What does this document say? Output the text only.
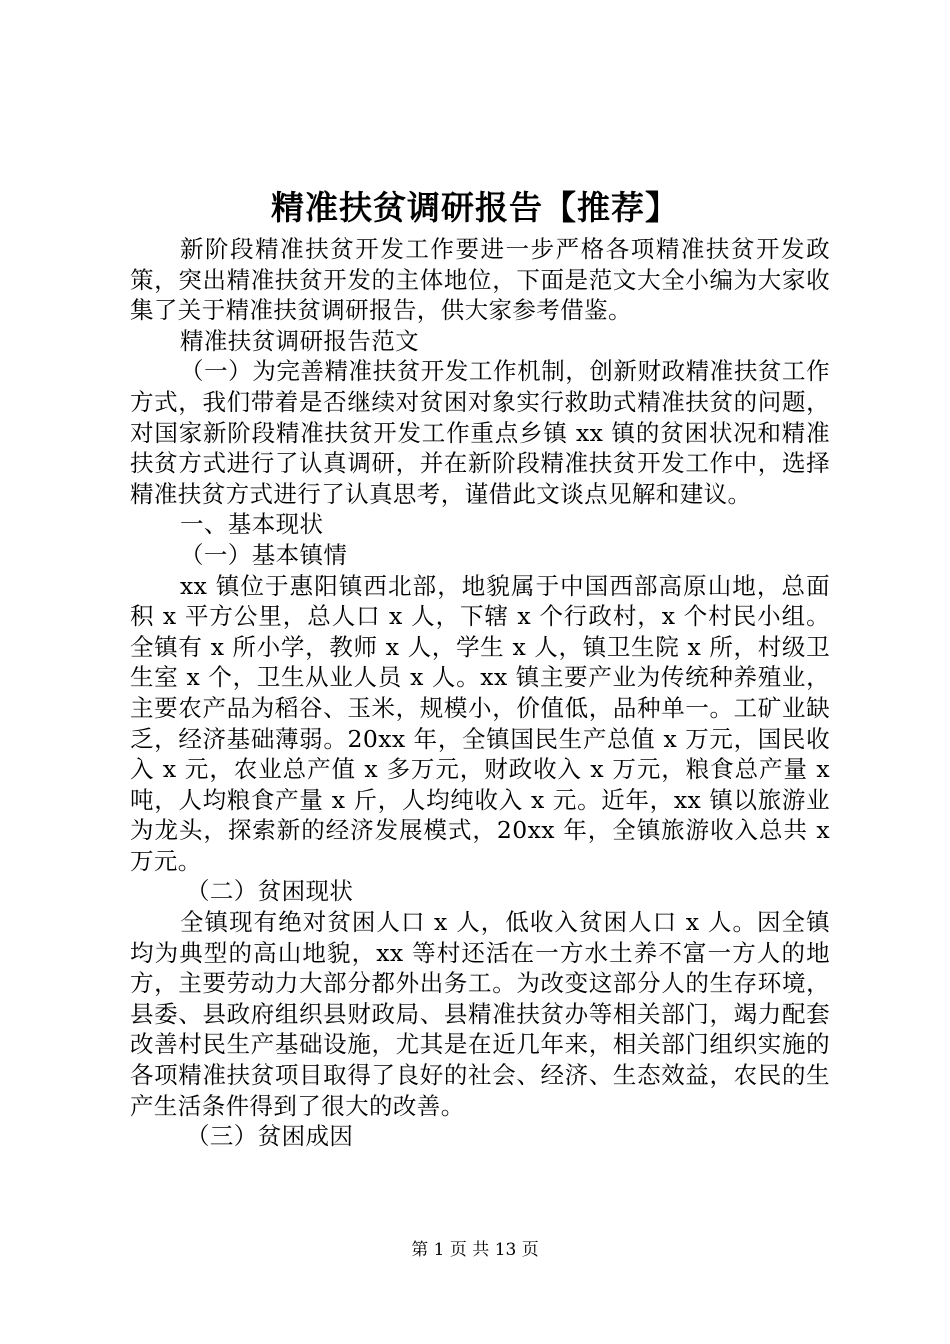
精准扶贫调研报告【推荐】

新阶段精准扶贫开发工作要进一步严格各项精准扶贫开发政策，突出精准扶贫开发的主体地位，下面是范文大全小编为大家收集了关于精准扶贫调研报告，供大家参考借鉴。

精准扶贫调研报告范文

（一）为完善精准扶贫开发工作机制，创新财政精准扶贫工作方式，我们带着是否继续对贫困对象实行救助式精准扶贫的问题，对国家新阶段精准扶贫开发工作重点乡镇 xx 镇的贫困状况和精准扶贫方式进行了认真调研，并在新阶段精准扶贫开发工作中，选择精准扶贫方式进行了认真思考，谨借此文谈点见解和建议。

一、基本现状

（一）基本镇情

xx 镇位于惠阳镇西北部，地貌属于中国西部高原山地，总面积 x 平方公里，总人口 x 人，下辖 x 个行政村，x 个村民小组。全镇有 x 所小学，教师 x 人，学生 x 人，镇卫生院 x 所，村级卫生室 x 个，卫生从业人员 x 人。xx 镇主要产业为传统种养殖业，主要农产品为稻谷、玉米，规模小，价值低，品种单一。工矿业缺乏，经济基础薄弱。20xx 年，全镇国民生产总值 x 万元，国民收入 x 元，农业总产值 x 多万元，财政收入 x 万元，粮食总产量 x 吨，人均粮食产量 x 斤，人均纯收入 x 元。近年，xx 镇以旅游业为龙头，探索新的经济发展模式，20xx 年，全镇旅游收入总共 x 万元。

（二）贫困现状

全镇现有绝对贫困人口 x 人，低收入贫困人口 x 人。因全镇均为典型的高山地貌，xx 等村还活在一方水土养不富一方人的地方，主要劳动力大部分都外出务工。为改变这部分人的生存环境，县委、县政府组织县财政局、县精准扶贫办等相关部门，竭力配套改善村民生产基础设施，尤其是在近几年来，相关部门组织实施的各项精准扶贫项目取得了良好的社会、经济、生态效益，农民的生产生活条件得到了很大的改善。

（三）贫困成因

第 1 页 共 13 页
